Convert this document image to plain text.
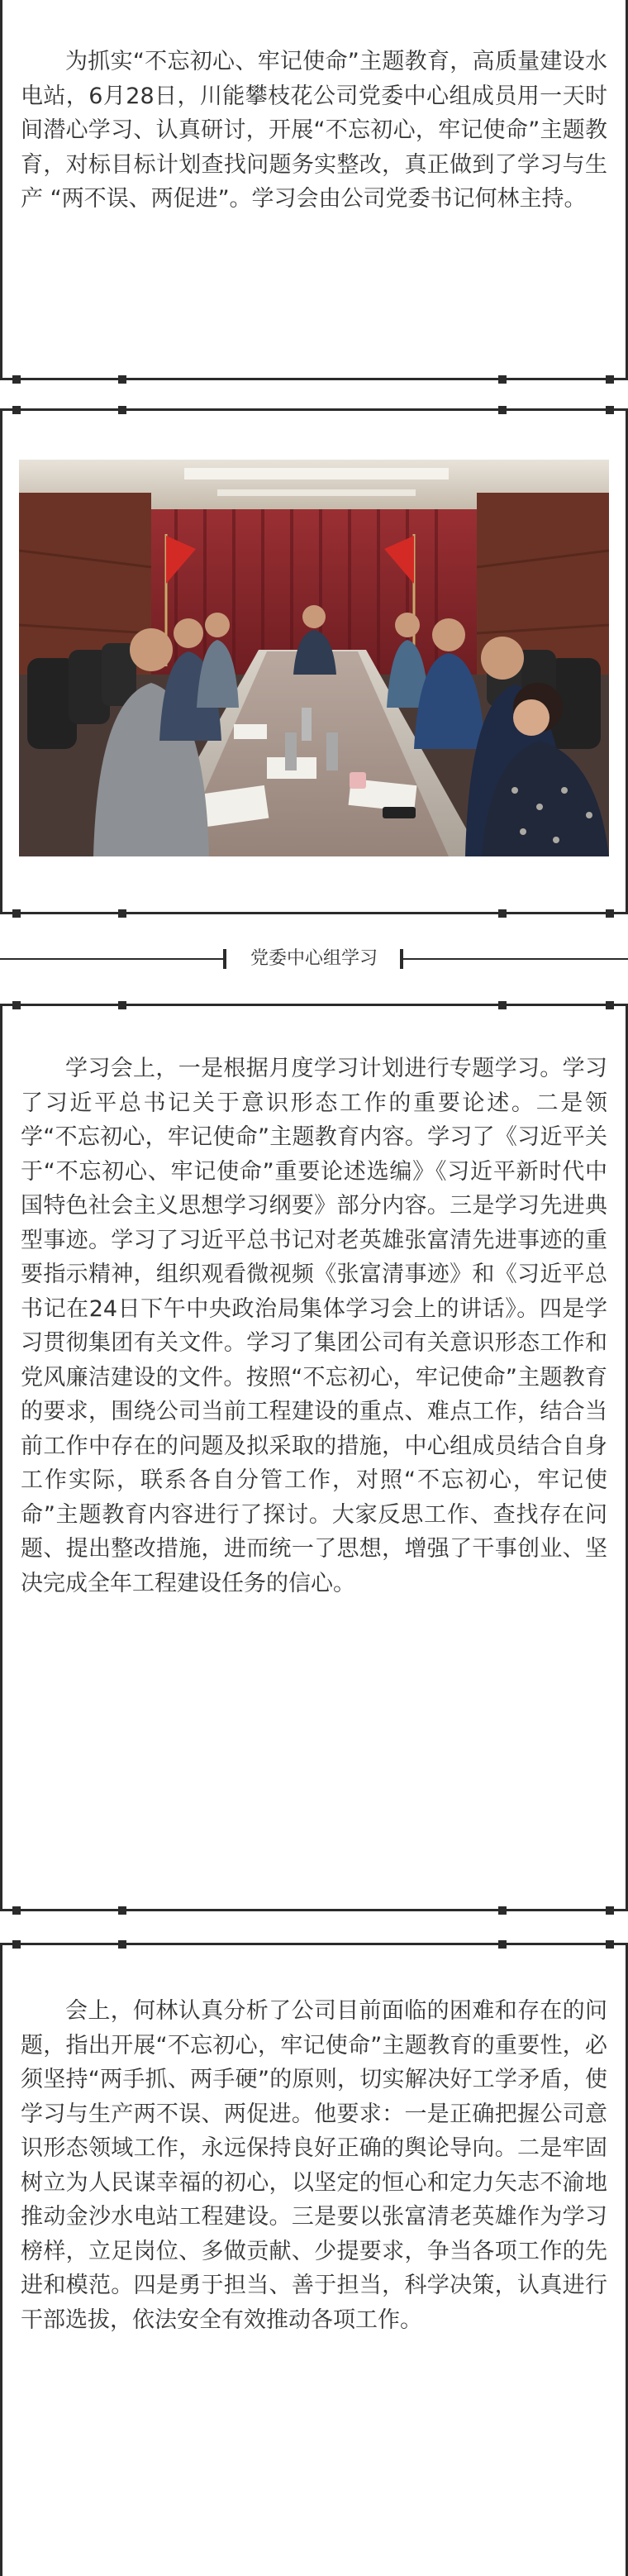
为抓实“不忘初心、牢记使命”主题教育，高质量建设水电站，6月28日，川能攀枝花公司党委中心组成员用一天时间潜心学习、认真研讨，开展“不忘初心，牢记使命”主题教育，对标目标计划查找问题务实整改，真正做到了学习与生产 “两不误、两促进”。学习会由公司党委书记何林主持。

党委中心组学习

学习会上，一是根据月度学习计划进行专题学习。学习了习近平总书记关于意识形态工作的重要论述。二是领学“不忘初心，牢记使命”主题教育内容。学习了《习近平关于“不忘初心、牢记使命”重要论述选编》《习近平新时代中国特色社会主义思想学习纲要》部分内容。三是学习先进典型事迹。学习了习近平总书记对老英雄张富清先进事迹的重要指示精神，组织观看微视频《张富清事迹》和《习近平总书记在24日下午中央政治局集体学习会上的讲话》。四是学习贯彻集团有关文件。学习了集团公司有关意识形态工作和党风廉洁建设的文件。按照“不忘初心，牢记使命”主题教育的要求，围绕公司当前工程建设的重点、难点工作，结合当前工作中存在的问题及拟采取的措施，中心组成员结合自身工作实际，联系各自分管工作，对照“不忘初心，牢记使命”主题教育内容进行了探讨。大家反思工作、查找存在问题、提出整改措施，进而统一了思想，增强了干事创业、坚决完成全年工程建设任务的信心。

会上，何林认真分析了公司目前面临的困难和存在的问题，指出开展“不忘初心，牢记使命”主题教育的重要性，必须坚持“两手抓、两手硬”的原则，切实解决好工学矛盾，使学习与生产两不误、两促进。他要求：一是正确把握公司意识形态领域工作，永远保持良好正确的舆论导向。二是牢固树立为人民谋幸福的初心，以坚定的恒心和定力矢志不渝地推动金沙水电站工程建设。三是要以张富清老英雄作为学习榜样，立足岗位、多做贡献、少提要求，争当各项工作的先进和模范。四是勇于担当、善于担当，科学决策，认真进行干部选拔，依法安全有效推动各项工作。
